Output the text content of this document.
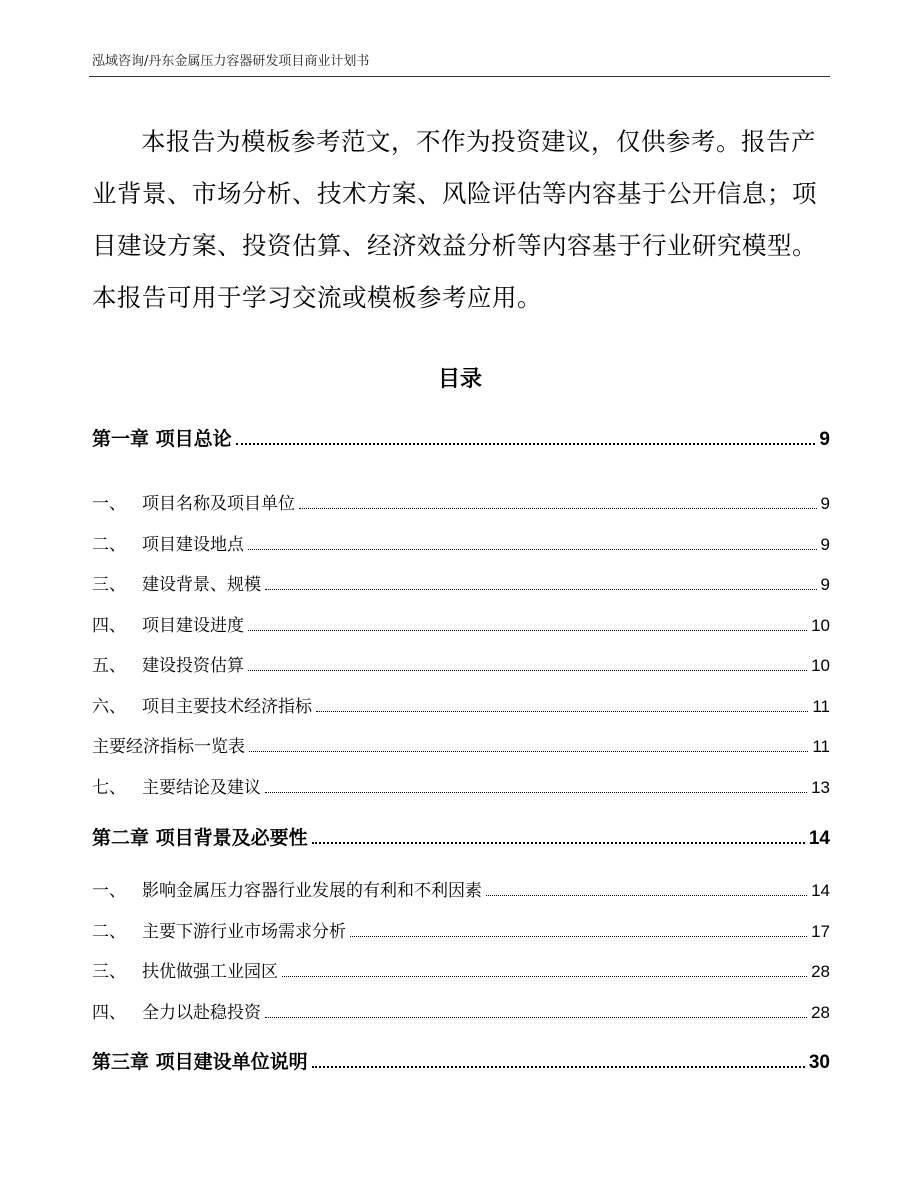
泓域咨询/丹东金属压力容器研发项目商业计划书

本报告为模板参考范文，不作为投资建议，仅供参考。报告产业背景、市场分析、技术方案、风险评估等内容基于公开信息；项目建设方案、投资估算、经济效益分析等内容基于行业研究模型。本报告可用于学习交流或模板参考应用。

目录
第一章 项目总论	9
一、 项目名称及项目单位	9
二、 项目建设地点	9
三、 建设背景、规模	9
四、 项目建设进度	10
五、 建设投资估算	10
六、 项目主要技术经济指标	11
主要经济指标一览表	11
七、 主要结论及建议	13
第二章 项目背景及必要性	14
一、 影响金属压力容器行业发展的有利和不利因素	14
二、 主要下游行业市场需求分析	17
三、 扶优做强工业园区	28
四、 全力以赴稳投资	28
第三章 项目建设单位说明	30
